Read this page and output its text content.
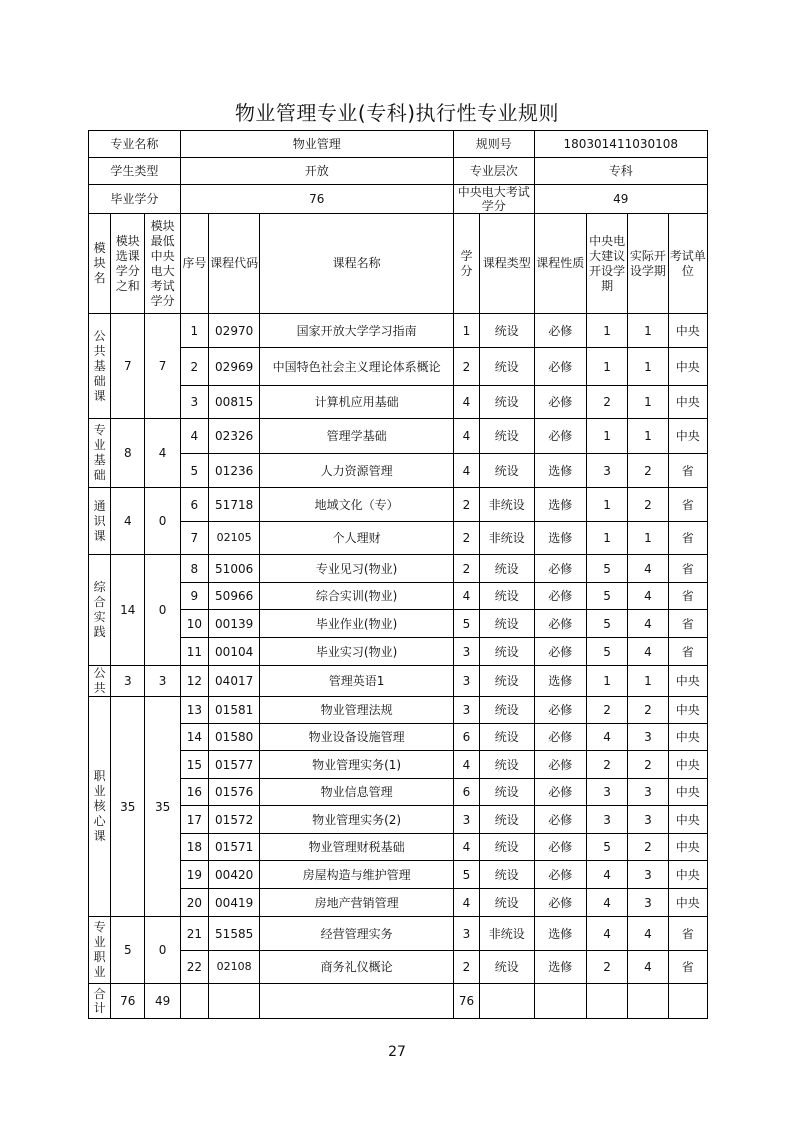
物业管理专业(专科)执行性专业规则
专业名称			物业管理			规则号		180301411030108			
学生类型			开放			专业层次		专科			
毕业学分			76			中央电大考试学分		49			
模块名	模块选课学分之和	模块最低中央电大考试学分	序号	课程代码	课程名称	学分	课程类型	课程性质	中央电大建议开设学期	实际开设学期	考试单位
公共基础课	7	7	1	02970	国家开放大学学习指南	1	统设	必修	1	1	中央
			2	02969	中国特色社会主义理论体系概论	2	统设	必修	1	1	中央
			3	00815	计算机应用基础	4	统设	必修	2	1	中央
专业基础	8	4	4	02326	管理学基础	4	统设	必修	1	1	中央
			5	01236	人力资源管理	4	统设	选修	3	2	省
通识课	4	0	6	51718	地域文化（专）	2	非统设	选修	1	2	省
			7	02105	个人理财	2	非统设	选修	1	1	省
综合实践	14	0	8	51006	专业见习(物业)	2	统设	必修	5	4	省
			9	50966	综合实训(物业)	4	统设	必修	5	4	省
			10	00139	毕业作业(物业)	5	统设	必修	5	4	省
			11	00104	毕业实习(物业)	3	统设	必修	5	4	省
公共	3	3	12	04017	管理英语1	3	统设	选修	1	1	中央
职业核心课	35	35	13	01581	物业管理法规	3	统设	必修	2	2	中央
			14	01580	物业设备设施管理	6	统设	必修	4	3	中央
			15	01577	物业管理实务(1)	4	统设	必修	2	2	中央
			16	01576	物业信息管理	6	统设	必修	3	3	中央
			17	01572	物业管理实务(2)	3	统设	必修	3	3	中央
			18	01571	物业管理财税基础	4	统设	必修	5	2	中央
			19	00420	房屋构造与维护管理	5	统设	必修	4	3	中央
			20	00419	房地产营销管理	4	统设	必修	4	3	中央
专业职业	5	0	21	51585	经营管理实务	3	非统设	选修	4	4	省
			22	02108	商务礼仪概论	2	统设	选修	2	4	省
合计	76	49				76					
27
